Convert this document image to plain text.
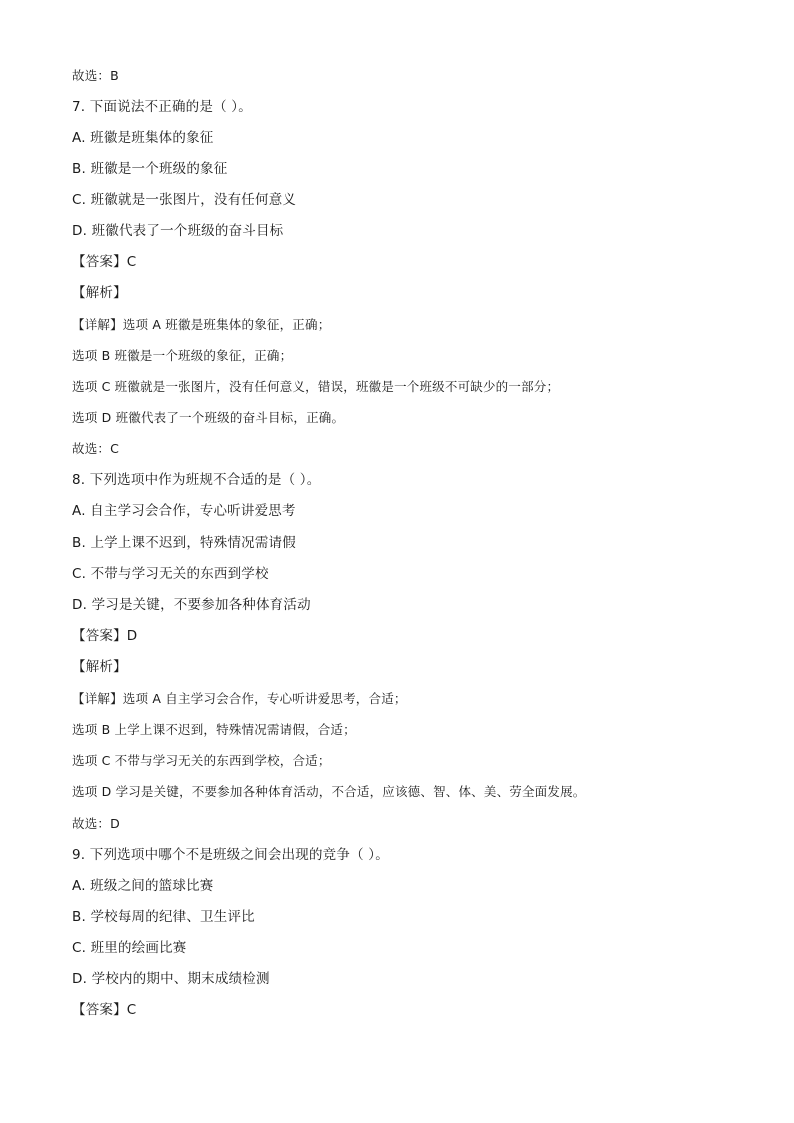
故选：B
7. 下面说法不正确的是（ ）。
A. 班徽是班集体的象征
B. 班徽是一个班级的象征
C. 班徽就是一张图片，没有任何意义
D. 班徽代表了一个班级的奋斗目标
【答案】C
【解析】
【详解】选项 A 班徽是班集体的象征，正确；
选项 B 班徽是一个班级的象征，正确；
选项 C 班徽就是一张图片，没有任何意义，错误，班徽是一个班级不可缺少的一部分；
选项 D 班徽代表了一个班级的奋斗目标，正确。
故选：C
8. 下列选项中作为班规不合适的是（ ）。
A. 自主学习会合作，专心听讲爱思考
B. 上学上课不迟到，特殊情况需请假
C. 不带与学习无关的东西到学校
D. 学习是关键，不要参加各种体育活动
【答案】D
【解析】
【详解】选项 A 自主学习会合作，专心听讲爱思考，合适；
选项 B 上学上课不迟到，特殊情况需请假，合适；
选项 C 不带与学习无关的东西到学校，合适；
选项 D 学习是关键，不要参加各种体育活动，不合适，应该德、智、体、美、劳全面发展。
故选：D
9. 下列选项中哪个不是班级之间会出现的竞争（ ）。
A. 班级之间的篮球比赛
B. 学校每周的纪律、卫生评比
C. 班里的绘画比赛
D. 学校内的期中、期末成绩检测
【答案】C
